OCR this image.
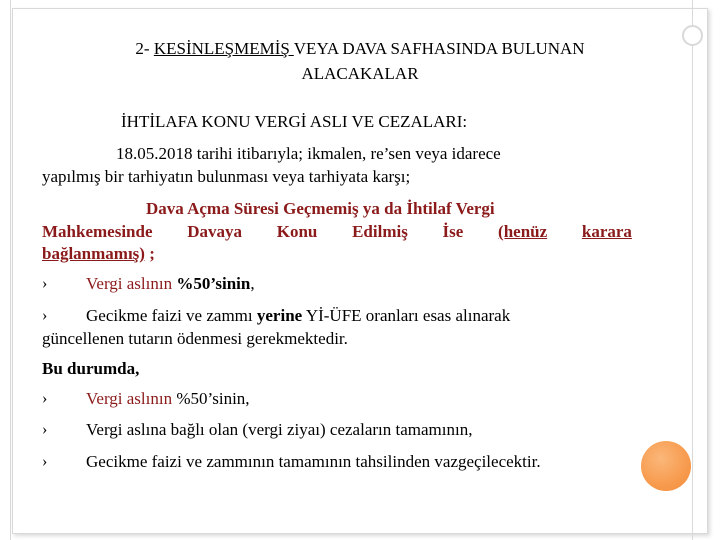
2- KESİNLEŞMEMİŞ VEYA DAVA SAFHASINDA BULUNAN
ALACAKALAR
İHTİLAFA KONU VERGİ ASLI VE CEZALARI:
18.05.2018 tarihi itibarıyla; ikmalen, re’sen veya idarece
yapılmış bir tarhiyatın bulunması veya tarhiyata karşı;
Dava Açma Süresi Geçmemiş ya da İhtilaf Vergi
Mahkemesinde Davaya Konu Edilmiş İse (henüz karara
bağlanmamış) ;
› Vergi aslının %50’sinin,
› Gecikme faizi ve zammı yerine Yİ-ÜFE oranları esas alınarak
güncellenen tutarın ödenmesi gerekmektedir.
Bu durumda,
› Vergi aslının %50’sinin,
› Vergi aslına bağlı olan (vergi ziyaı) cezaların tamamının,
› Gecikme faizi ve zammının tamamının tahsilinden vazgeçilecektir.
